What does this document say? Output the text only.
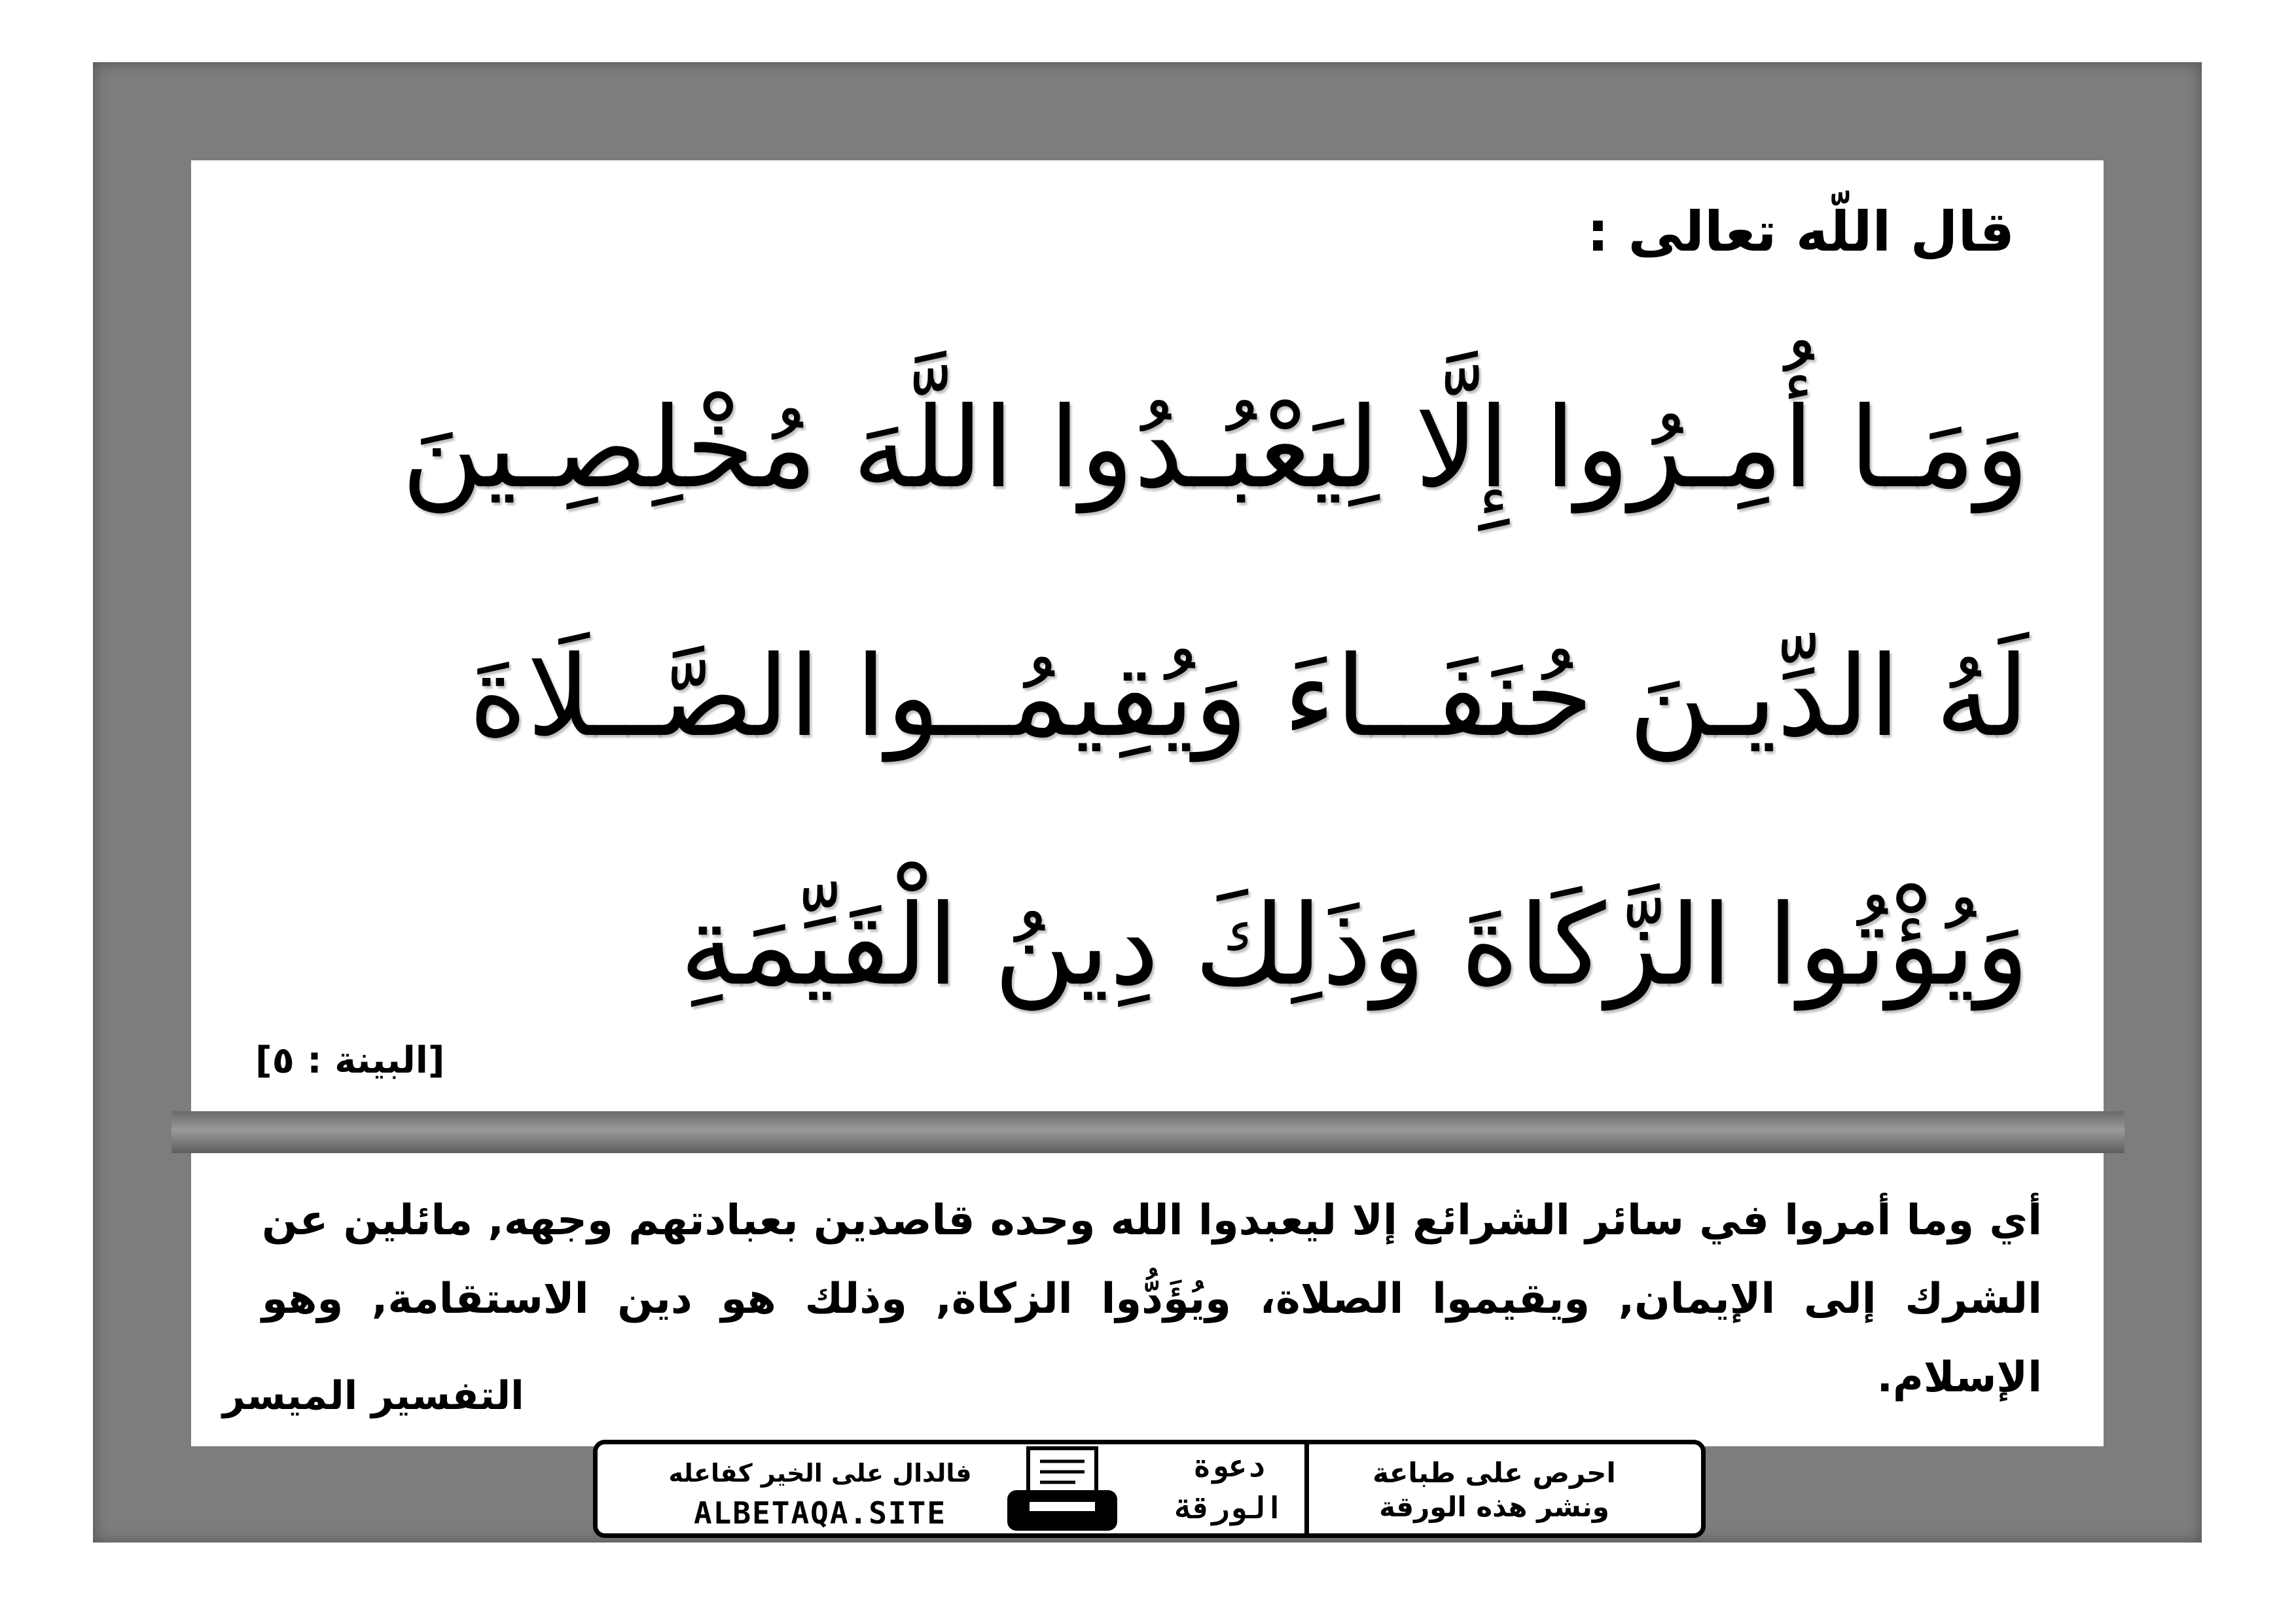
قال اللّه تعالى :
وَمَـا أُمِـرُوا إِلَّا لِيَعْبُـدُوا اللَّهَ مُخْلِصِـينَ
لَهُ الدِّيـنَ حُنَفَــاءَ وَيُقِيمُــوا الصَّــلَاةَ
وَيُؤْتُوا الزَّكَاةَ وَذَلِكَ دِينُ الْقَيِّمَةِ
[البينة : ٥]
أي وما أمروا في سائر الشرائع إلا ليعبدوا الله وحده قاصدين بعبادتهم وجهه, مائلين عن الشرك إلى الإيمان, ويقيموا الصلاة، ويُؤَدُّوا الزكاة, وذلك هو دين الاستقامة, وهو الإسلام.
التفسير الميسر
فالدال على الخير كفاعله
ALBETAQA.SITE
دعوة
الورقة
احرص على طباعة
ونشر هذه الورقة
